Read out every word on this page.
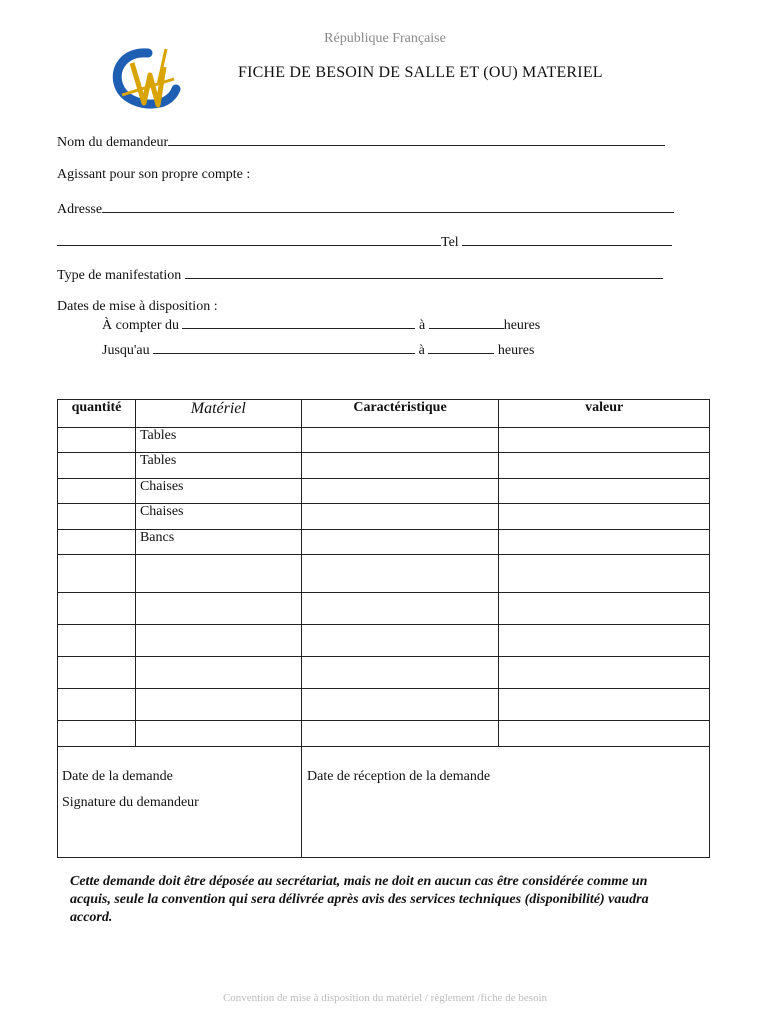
République Française
FICHE DE BESOIN DE SALLE ET (OU) MATERIEL
Nom du demandeur
Agissant pour son propre compte :
Adresse
Tel
Type de manifestation
Dates de mise à disposition :
À compter du	à	heures
Jusqu'au	à	heures
quantité	Matériel	Caractéristique	valeur
	Tables		
	Tables		
	Chaises		
	Chaises		
	Bancs		

Date de la demande
Signature du demandeur
Date de réception de la demande
Cette demande doit être déposée au secrétariat, mais ne doit en aucun cas être considérée comme un acquis, seule la convention qui sera délivrée après avis des services techniques (disponibilité) vaudra accord.
Convention de mise à disposition du matériel / règlement /fiche de besoin
